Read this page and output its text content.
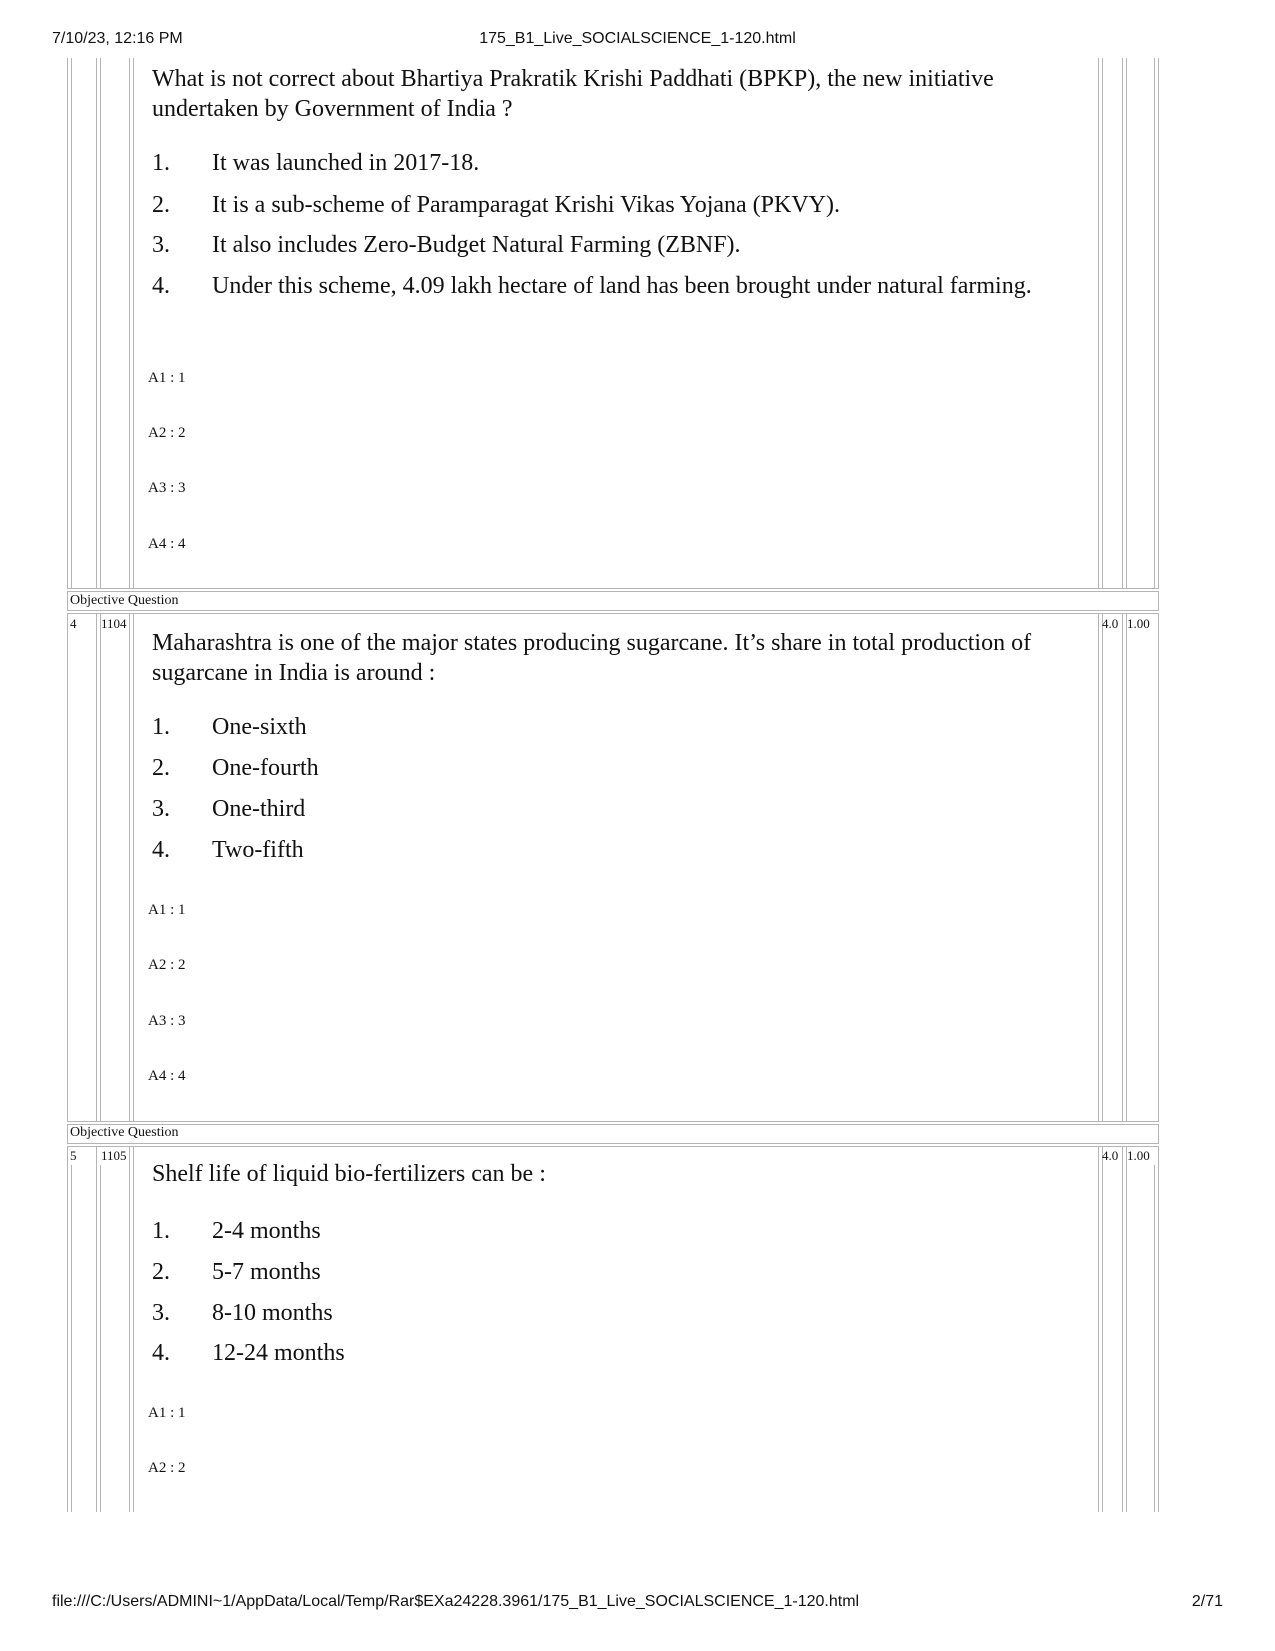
7/10/23, 12:16 PM	175_B1_Live_SOCIALSCIENCE_1-120.html
What is not correct about Bhartiya Prakratik Krishi Paddhati (BPKP), the new initiative undertaken by Government of India ?
1. It was launched in 2017-18.
2. It is a sub-scheme of Paramparagat Krishi Vikas Yojana (PKVY).
3. It also includes Zero-Budget Natural Farming (ZBNF).
4. Under this scheme, 4.09 lakh hectare of land has been brought under natural farming.
A1 : 1
A2 : 2
A3 : 3
A4 : 4
Objective Question
4 1104	4.0 1.00
Maharashtra is one of the major states producing sugarcane. It’s share in total production of sugarcane in India is around :
1. One-sixth
2. One-fourth
3. One-third
4. Two-fifth
A1 : 1
A2 : 2
A3 : 3
A4 : 4
Objective Question
5 1105	4.0 1.00
Shelf life of liquid bio-fertilizers can be :
1. 2-4 months
2. 5-7 months
3. 8-10 months
4. 12-24 months
A1 : 1
A2 : 2
file:///C:/Users/ADMINI~1/AppData/Local/Temp/Rar$EXa24228.3961/175_B1_Live_SOCIALSCIENCE_1-120.html	2/71
